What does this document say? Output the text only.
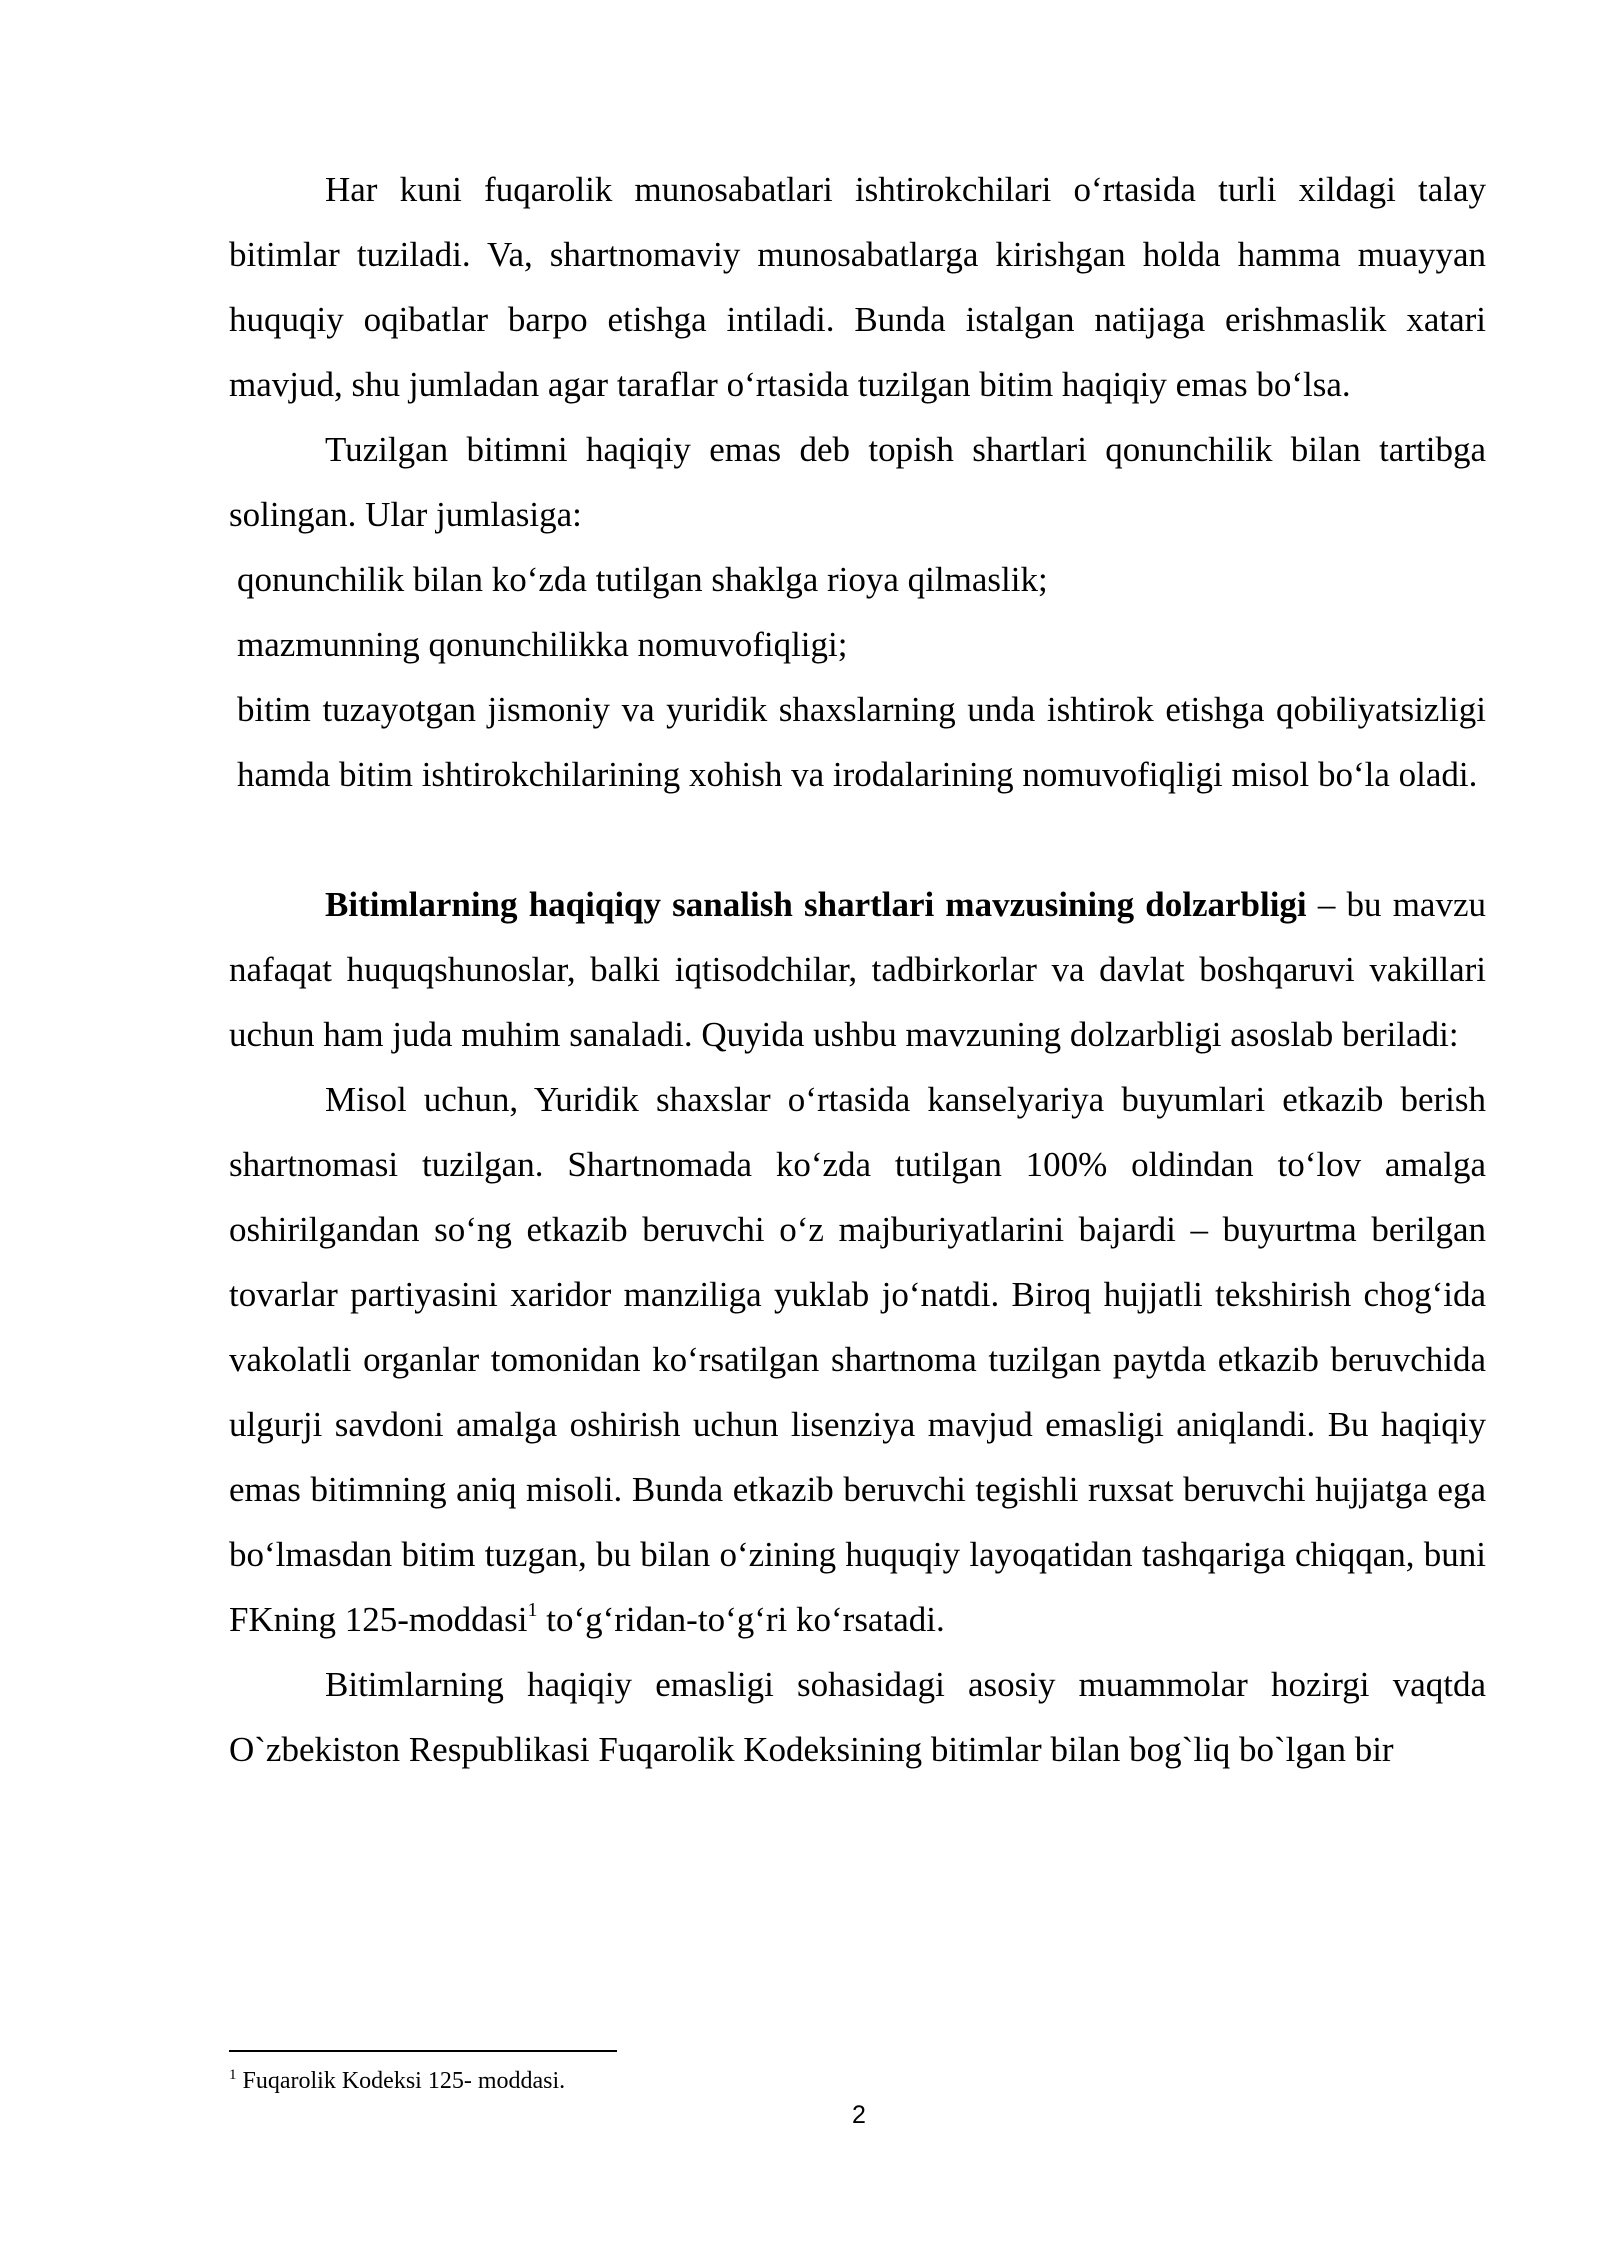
Har kuni fuqarolik munosabatlari ishtirokchilari o‘rtasida turli xildagi talay bitimlar tuziladi. Va, shartnomaviy munosabatlarga kirishgan holda hamma muayyan huquqiy oqibatlar barpo etishga intiladi. Bunda istalgan natijaga erishmaslik xatari mavjud, shu jumladan agar taraflar o‘rtasida tuzilgan bitim haqiqiy emas bo‘lsa.

Tuzilgan bitimni haqiqiy emas deb topish shartlari qonunchilik bilan tartibga solingan. Ular jumlasiga:

qonunchilik bilan ko‘zda tutilgan shaklga rioya qilmaslik;

mazmunning qonunchilikka nomuvofiqligi;

bitim tuzayotgan jismoniy va yuridik shaxslarning unda ishtirok etishga qobiliyatsizligi hamda bitim ishtirokchilarining xohish va irodalarining nomuvofiqligi misol bo‘la oladi.

Bitimlarning haqiqiqy sanalish shartlari mavzusining dolzarbligi – bu mavzu nafaqat huquqshunoslar, balki iqtisodchilar, tadbirkorlar va davlat boshqaruvi vakillari uchun ham juda muhim sanaladi. Quyida ushbu mavzuning dolzarbligi asoslab beriladi:

Misol uchun, Yuridik shaxslar o‘rtasida kanselyariya buyumlari etkazib berish shartnomasi tuzilgan. Shartnomada ko‘zda tutilgan 100% oldindan to‘lov amalga oshirilgandan so‘ng etkazib beruvchi o‘z majburiyatlarini bajardi – buyurtma berilgan tovarlar partiyasini xaridor manziliga yuklab jo‘natdi. Biroq hujjatli tekshirish chog‘ida vakolatli organlar tomonidan ko‘rsatilgan shartnoma tuzilgan paytda etkazib beruvchida ulgurji savdoni amalga oshirish uchun lisenziya mavjud emasligi aniqlandi. Bu haqiqiy emas bitimning aniq misoli. Bunda etkazib beruvchi tegishli ruxsat beruvchi hujjatga ega bo‘lmasdan bitim tuzgan, bu bilan o‘zining huquqiy layoqatidan tashqariga chiqqan, buni FKning 125-moddasi$^1$ to‘g‘ridan-to‘g‘ri ko‘rsatadi.

Bitimlarning haqiqiy emasligi sohasidagi asosiy muammolar hozirgi vaqtda O`zbekiston Respublikasi Fuqarolik Kodeksining bitimlar bilan bog`liq bo`lgan bir

$^1$ Fuqarolik Kodeksi 125- moddasi.
2
